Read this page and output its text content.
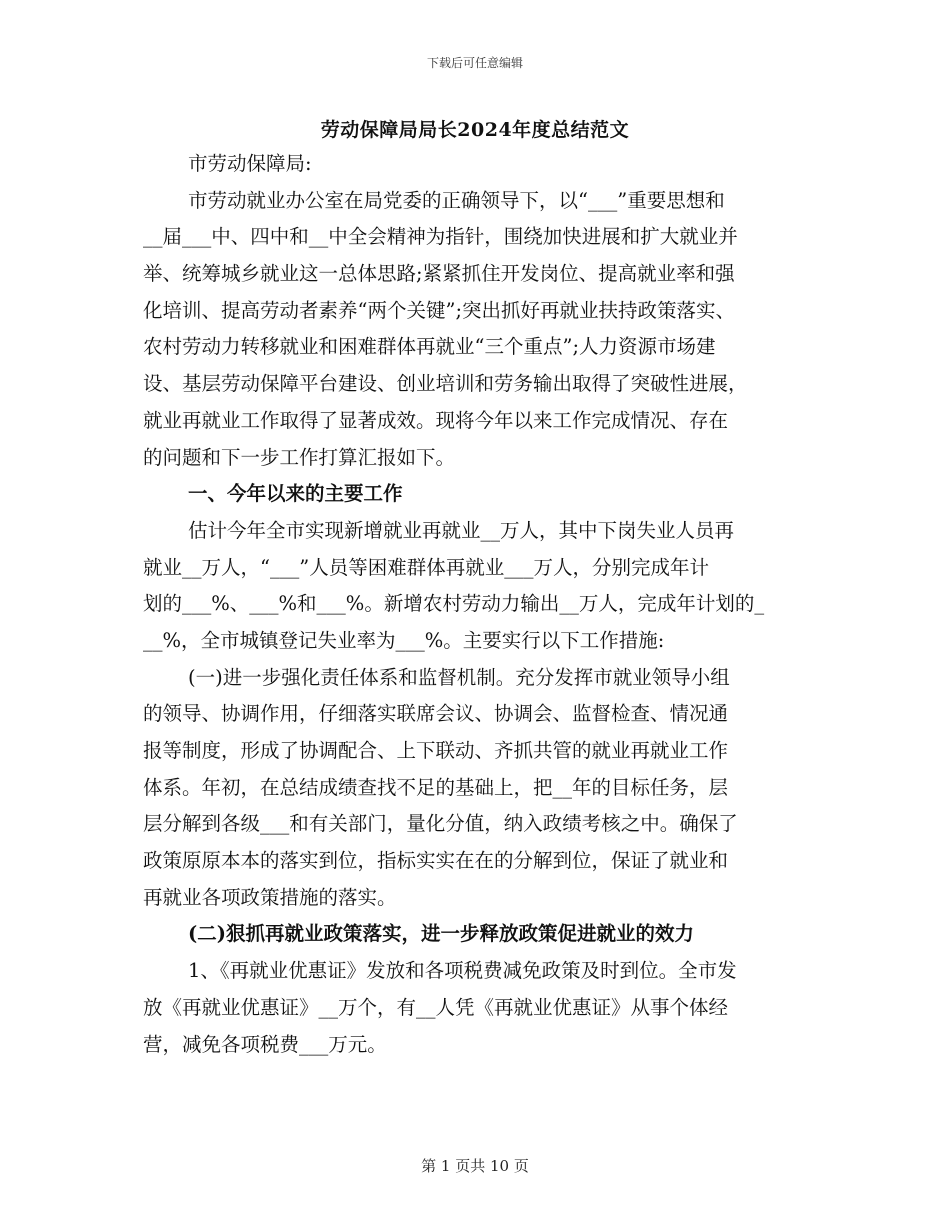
下载后可任意编辑
劳动保障局局长2024年度总结范文
市劳动保障局:
市劳动就业办公室在局党委的正确领导下，以“___”重要思想和
__届___中、四中和__中全会精神为指针，围绕加快进展和扩大就业并
举、统筹城乡就业这一总体思路;紧紧抓住开发岗位、提高就业率和强
化培训、提高劳动者素养“两个关键”;突出抓好再就业扶持政策落实、
农村劳动力转移就业和困难群体再就业“三个重点”;人力资源市场建
设、基层劳动保障平台建设、创业培训和劳务输出取得了突破性进展，
就业再就业工作取得了显著成效。现将今年以来工作完成情况、存在
的问题和下一步工作打算汇报如下。
一、今年以来的主要工作
估计今年全市实现新增就业再就业__万人，其中下岗失业人员再
就业__万人，“___”人员等困难群体再就业___万人，分别完成年计
划的___%、___%和___%。新增农村劳动力输出__万人，完成年计划的_
__%，全市城镇登记失业率为___%。主要实行以下工作措施:
(一)进一步强化责任体系和监督机制。充分发挥市就业领导小组
的领导、协调作用，仔细落实联席会议、协调会、监督检查、情况通
报等制度，形成了协调配合、上下联动、齐抓共管的就业再就业工作
体系。年初，在总结成绩查找不足的基础上，把__年的目标任务，层
层分解到各级___和有关部门，量化分值，纳入政绩考核之中。确保了
政策原原本本的落实到位，指标实实在在的分解到位，保证了就业和
再就业各项政策措施的落实。
(二)狠抓再就业政策落实，进一步释放政策促进就业的效力
1、《再就业优惠证》发放和各项税费减免政策及时到位。全市发
放《再就业优惠证》__万个，有__人凭《再就业优惠证》从事个体经
营，减免各项税费___万元。
第 1 页共 10 页
